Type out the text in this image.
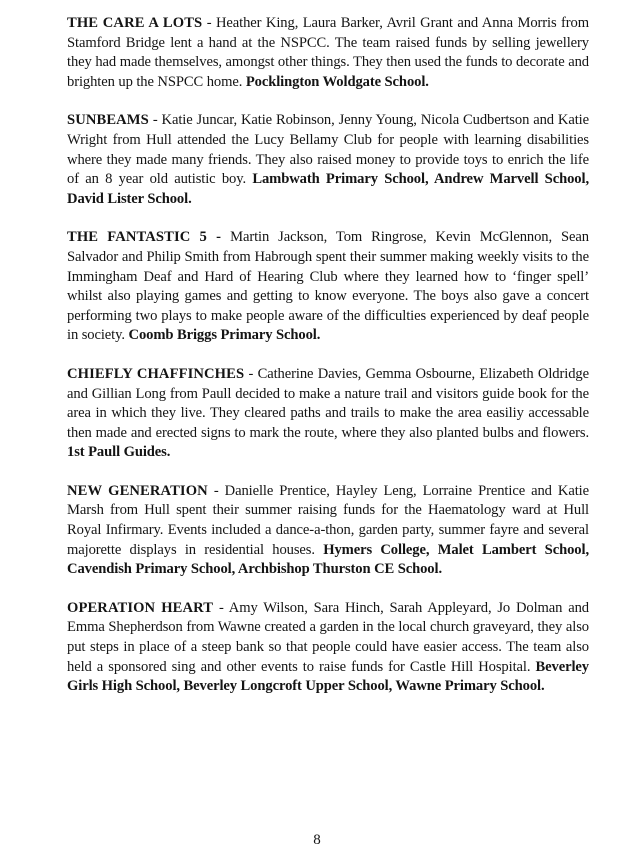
THE CARE A LOTS - Heather King, Laura Barker, Avril Grant and Anna Morris from Stamford Bridge lent a hand at the NSPCC. The team raised funds by selling jewellery they had made themselves, amongst other things. They then used the funds to decorate and brighten up the NSPCC home. Pocklington Woldgate School.

SUNBEAMS - Katie Juncar, Katie Robinson, Jenny Young, Nicola Cudbertson and Katie Wright from Hull attended the Lucy Bellamy Club for people with learning disabilities where they made many friends. They also raised money to provide toys to enrich the life of an 8 year old autistic boy. Lambwath Primary School, Andrew Marvell School, David Lister School.

THE FANTASTIC 5 - Martin Jackson, Tom Ringrose, Kevin McGlennon, Sean Salvador and Philip Smith from Habrough spent their summer making weekly visits to the Immingham Deaf and Hard of Hearing Club where they learned how to ‘finger spell’ whilst also playing games and getting to know everyone. The boys also gave a concert performing two plays to make people aware of the difficulties experienced by deaf people in society. Coomb Briggs Primary School.

CHIEFLY CHAFFINCHES - Catherine Davies, Gemma Osbourne, Elizabeth Oldridge and Gillian Long from Paull decided to make a nature trail and visitors guide book for the area in which they live. They cleared paths and trails to make the area easiliy accessable then made and erected signs to mark the route, where they also planted bulbs and flowers. 1st Paull Guides.

NEW GENERATION - Danielle Prentice, Hayley Leng, Lorraine Prentice and Katie Marsh from Hull spent their summer raising funds for the Haematology ward at Hull Royal Infirmary. Events included a dance-a-thon, garden party, summer fayre and several majorette displays in residential houses. Hymers College, Malet Lambert School, Cavendish Primary School, Archbishop Thurston CE School.

OPERATION HEART - Amy Wilson, Sara Hinch, Sarah Appleyard, Jo Dolman and Emma Shepherdson from Wawne created a garden in the local church graveyard, they also put steps in place of a steep bank so that people could have easier access. The team also held a sponsored sing and other events to raise funds for Castle Hill Hospital. Beverley Girls High School, Beverley Longcroft Upper School, Wawne Primary School.

8
